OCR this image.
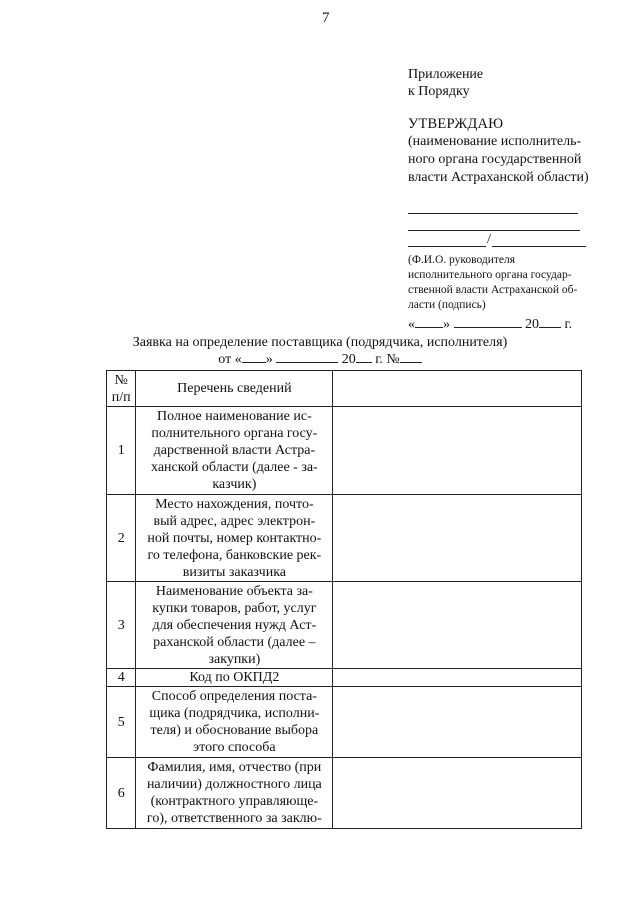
7
Приложение
к Порядку
УТВЕРЖДАЮ
(наименование исполнитель-
ного органа государственной
власти Астраханской области)
/
(Ф.И.О. руководителя
исполнительного органа государ-
ственной власти Астраханской об-
ласти (подпись)
« »	20 г.
Заявка на определение поставщика (подрядчика, исполнителя)
от « »	20 г. №
№
п/п	Перечень сведений	
1	Полное наименование ис-
полнительного органа госу-
дарственной власти Астра-
ханской области (далее - за-
казчик)	

2	Место нахождения, почто-
вый адрес, адрес электрон-
ной почты, номер контактно-
го телефона, банковские рек-
визиты заказчика	

3	Наименование объекта за-
купки товаров, работ, услуг
для обеспечения нужд Аст-
раханской области (далее –
закупки)	

4	Код по ОКПД2	

5	Способ определения поста-
щика (подрядчика, исполни-
теля) и обоснование выбора
этого способа	

6	Фамилия, имя, отчество (при
наличии) должностного лица
(контрактного управляюще-
го), ответственного за заклю-	
